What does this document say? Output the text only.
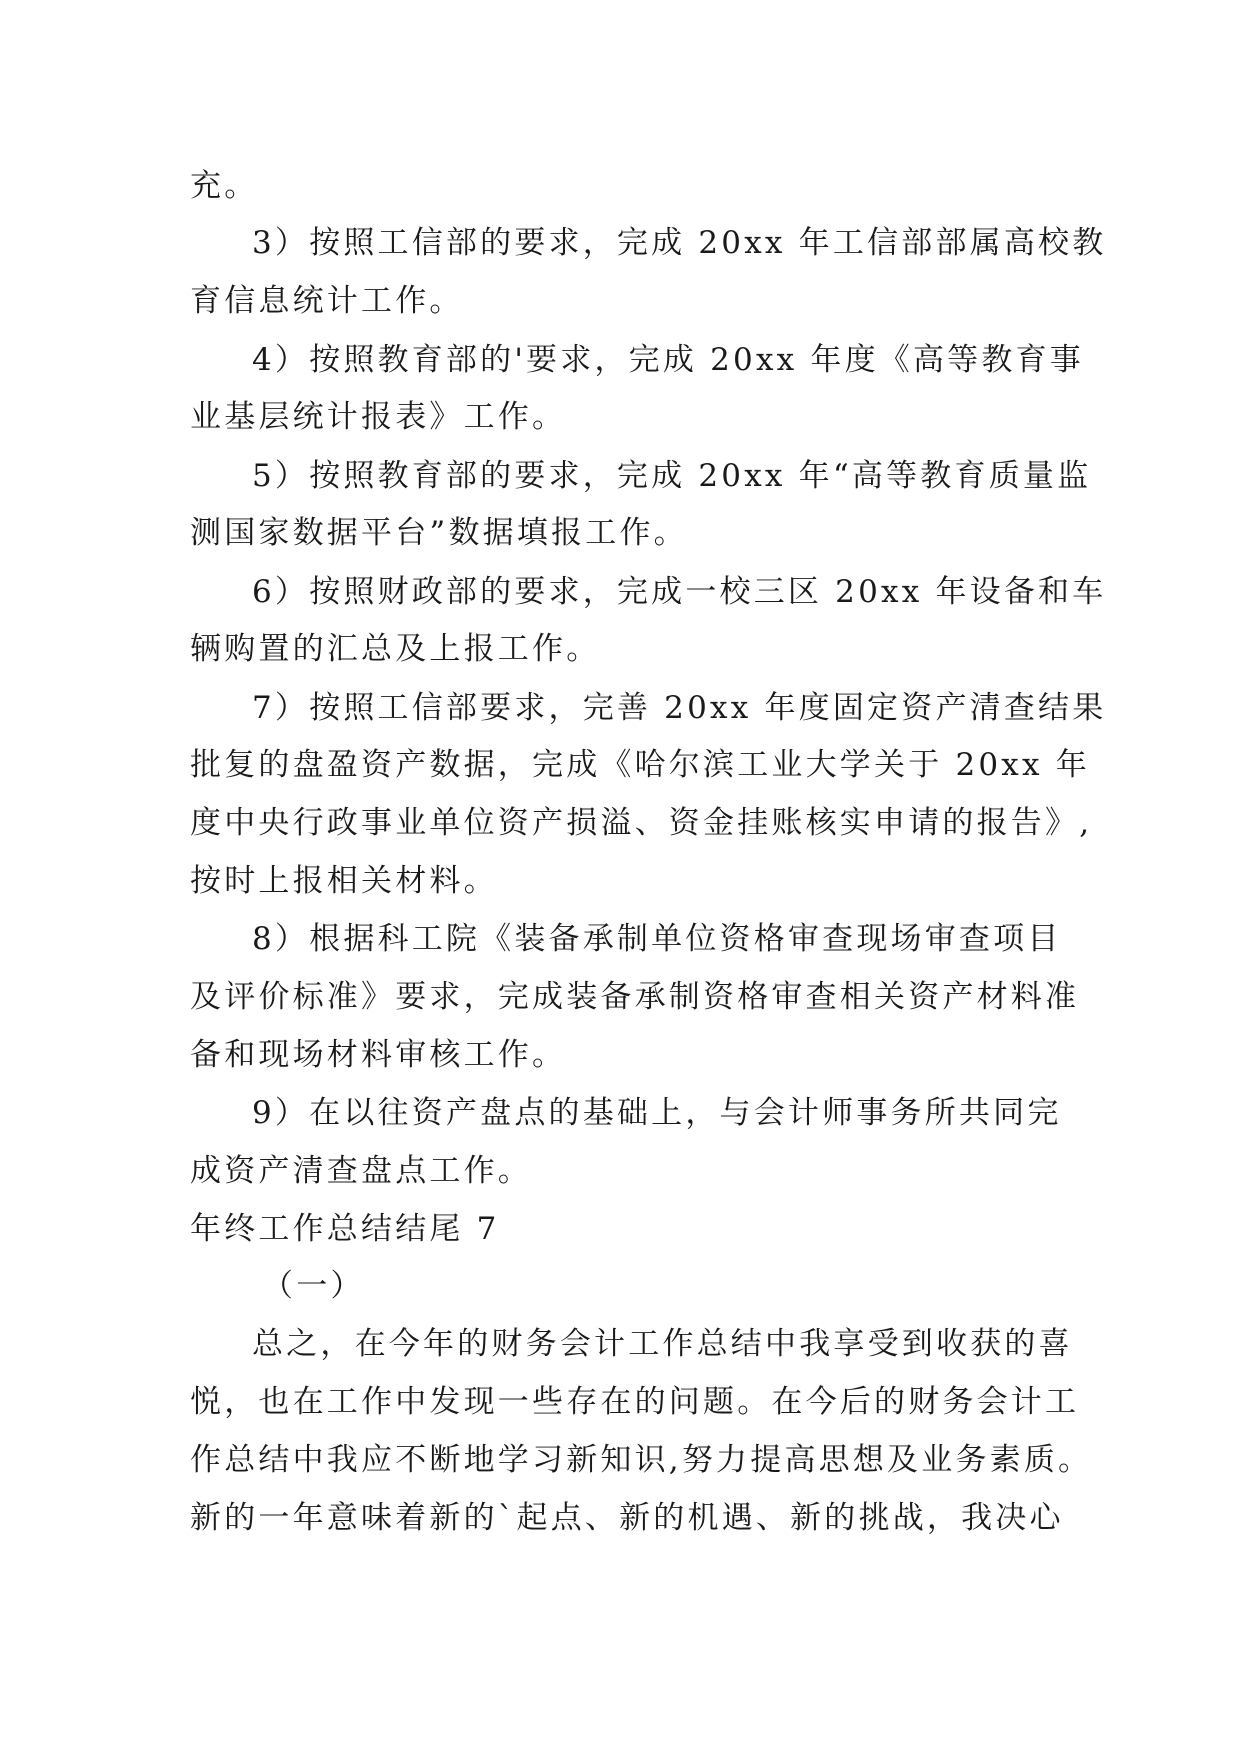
充。
3）按照工信部的要求，完成 20xx 年工信部部属高校教
育信息统计工作。
4）按照教育部的'要求，完成 20xx 年度《高等教育事
业基层统计报表》工作。
5）按照教育部的要求，完成 20xx 年“高等教育质量监
测国家数据平台”数据填报工作。
6）按照财政部的要求，完成一校三区 20xx 年设备和车
辆购置的汇总及上报工作。
7）按照工信部要求，完善 20xx 年度固定资产清查结果
批复的盘盈资产数据，完成《哈尔滨工业大学关于 20xx 年
度中央行政事业单位资产损溢、资金挂账核实申请的报告》,
按时上报相关材料。
8）根据科工院《装备承制单位资格审查现场审查项目
及评价标准》要求，完成装备承制资格审查相关资产材料准
备和现场材料审核工作。
9）在以往资产盘点的基础上，与会计师事务所共同完
成资产清查盘点工作。
年终工作总结结尾 7
（一）
总之，在今年的财务会计工作总结中我享受到收获的喜
悦，也在工作中发现一些存在的问题。在今后的财务会计工
作总结中我应不断地学习新知识,努力提高思想及业务素质。
新的一年意味着新的`起点、新的机遇、新的挑战，我决心
